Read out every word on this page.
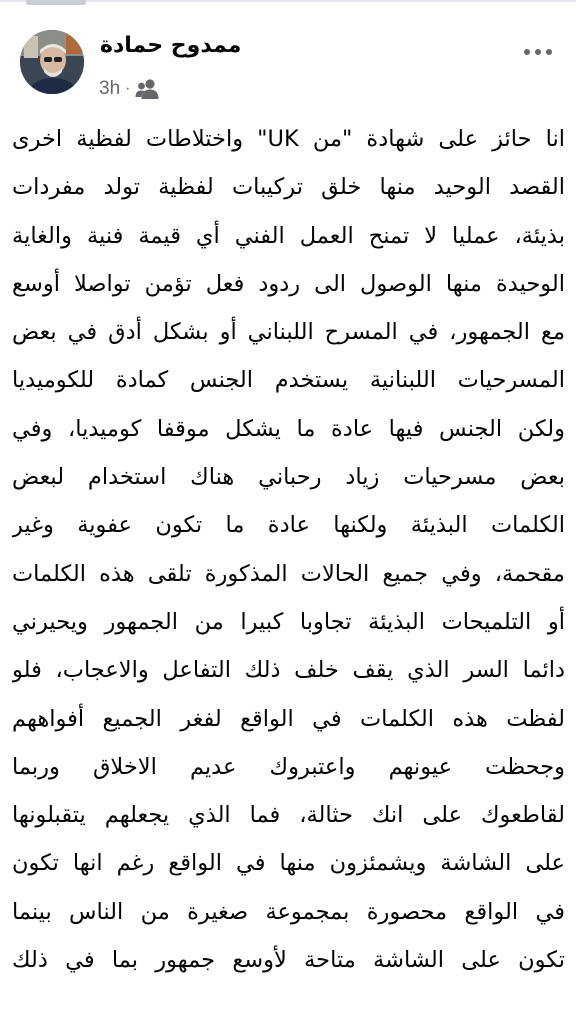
ممدوح حمادة
3h ·
انا حائز على شهادة "من UK" واختلاطات لفظية اخرى
القصد الوحيد منها خلق تركيبات لفظية تولد مفردات
بذيئة، عمليا لا تمنح العمل الفني أي قيمة فنية والغاية
الوحيدة منها الوصول الى ردود فعل تؤمن تواصلا أوسع
مع الجمهور، في المسرح اللبناني أو بشكل أدق في بعض
المسرحيات اللبنانية يستخدم الجنس كمادة للكوميديا
ولكن الجنس فيها عادة ما يشكل موقفا كوميديا، وفي
بعض مسرحيات زياد رحباني هناك استخدام لبعض
الكلمات البذيئة ولكنها عادة ما تكون عفوية وغير
مقحمة، وفي جميع الحالات المذكورة تلقى هذه الكلمات
أو التلميحات البذيئة تجاوبا كبيرا من الجمهور ويحيرني
دائما السر الذي يقف خلف ذلك التفاعل والاعجاب، فلو
لفظت هذه الكلمات في الواقع لفغر الجميع أفواههم
وجحظت عيونهم واعتبروك عديم الاخلاق وربما
لقاطعوك على انك حثالة، فما الذي يجعلهم يتقبلونها
على الشاشة ويشمئزون منها في الواقع رغم انها تكون
في الواقع محصورة بمجموعة صغيرة من الناس بينما
تكون على الشاشة متاحة لأوسع جمهور بما في ذلك
